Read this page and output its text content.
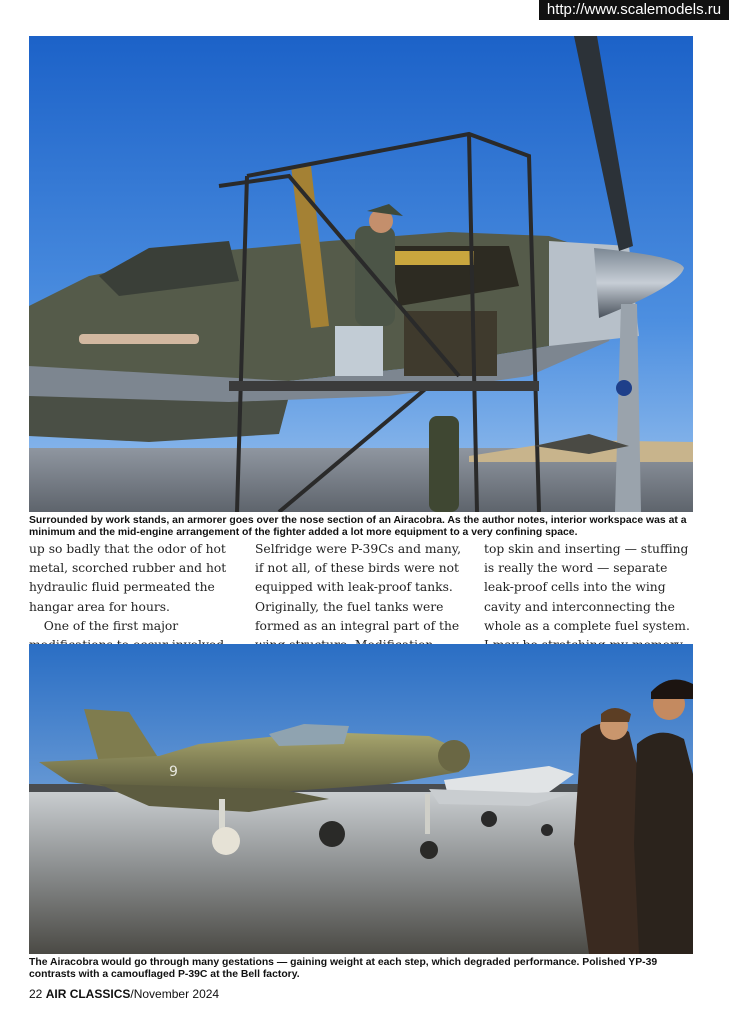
http://www.scalemodels.ru
Surrounded by work stands, an armorer goes over the nose section of an Airacobra. As the author notes, interior workspace was at a minimum and the mid-engine arrangement of the fighter added a lot more equipment to a very confining space.

up so badly that the odor of hot metal, scorched rubber and hot hydraulic fluid permeated the hangar area for hours.

One of the first major

Selfridge were P-39Cs and many, if not all, of these birds were not equipped with leak-proof tanks. Originally, the fuel tanks were formed as an integral part of the

top skin and inserting — stuffing is really the word — separate leak-proof cells into the wing cavity and interconnecting the whole as a complete fuel system.

9
The Airacobra would go through many gestations — gaining weight at each step, which degraded performance. Polished YP-39 contrasts with a camouflaged P-39C at the Bell factory.
22 AIR CLASSICS/November 2024
